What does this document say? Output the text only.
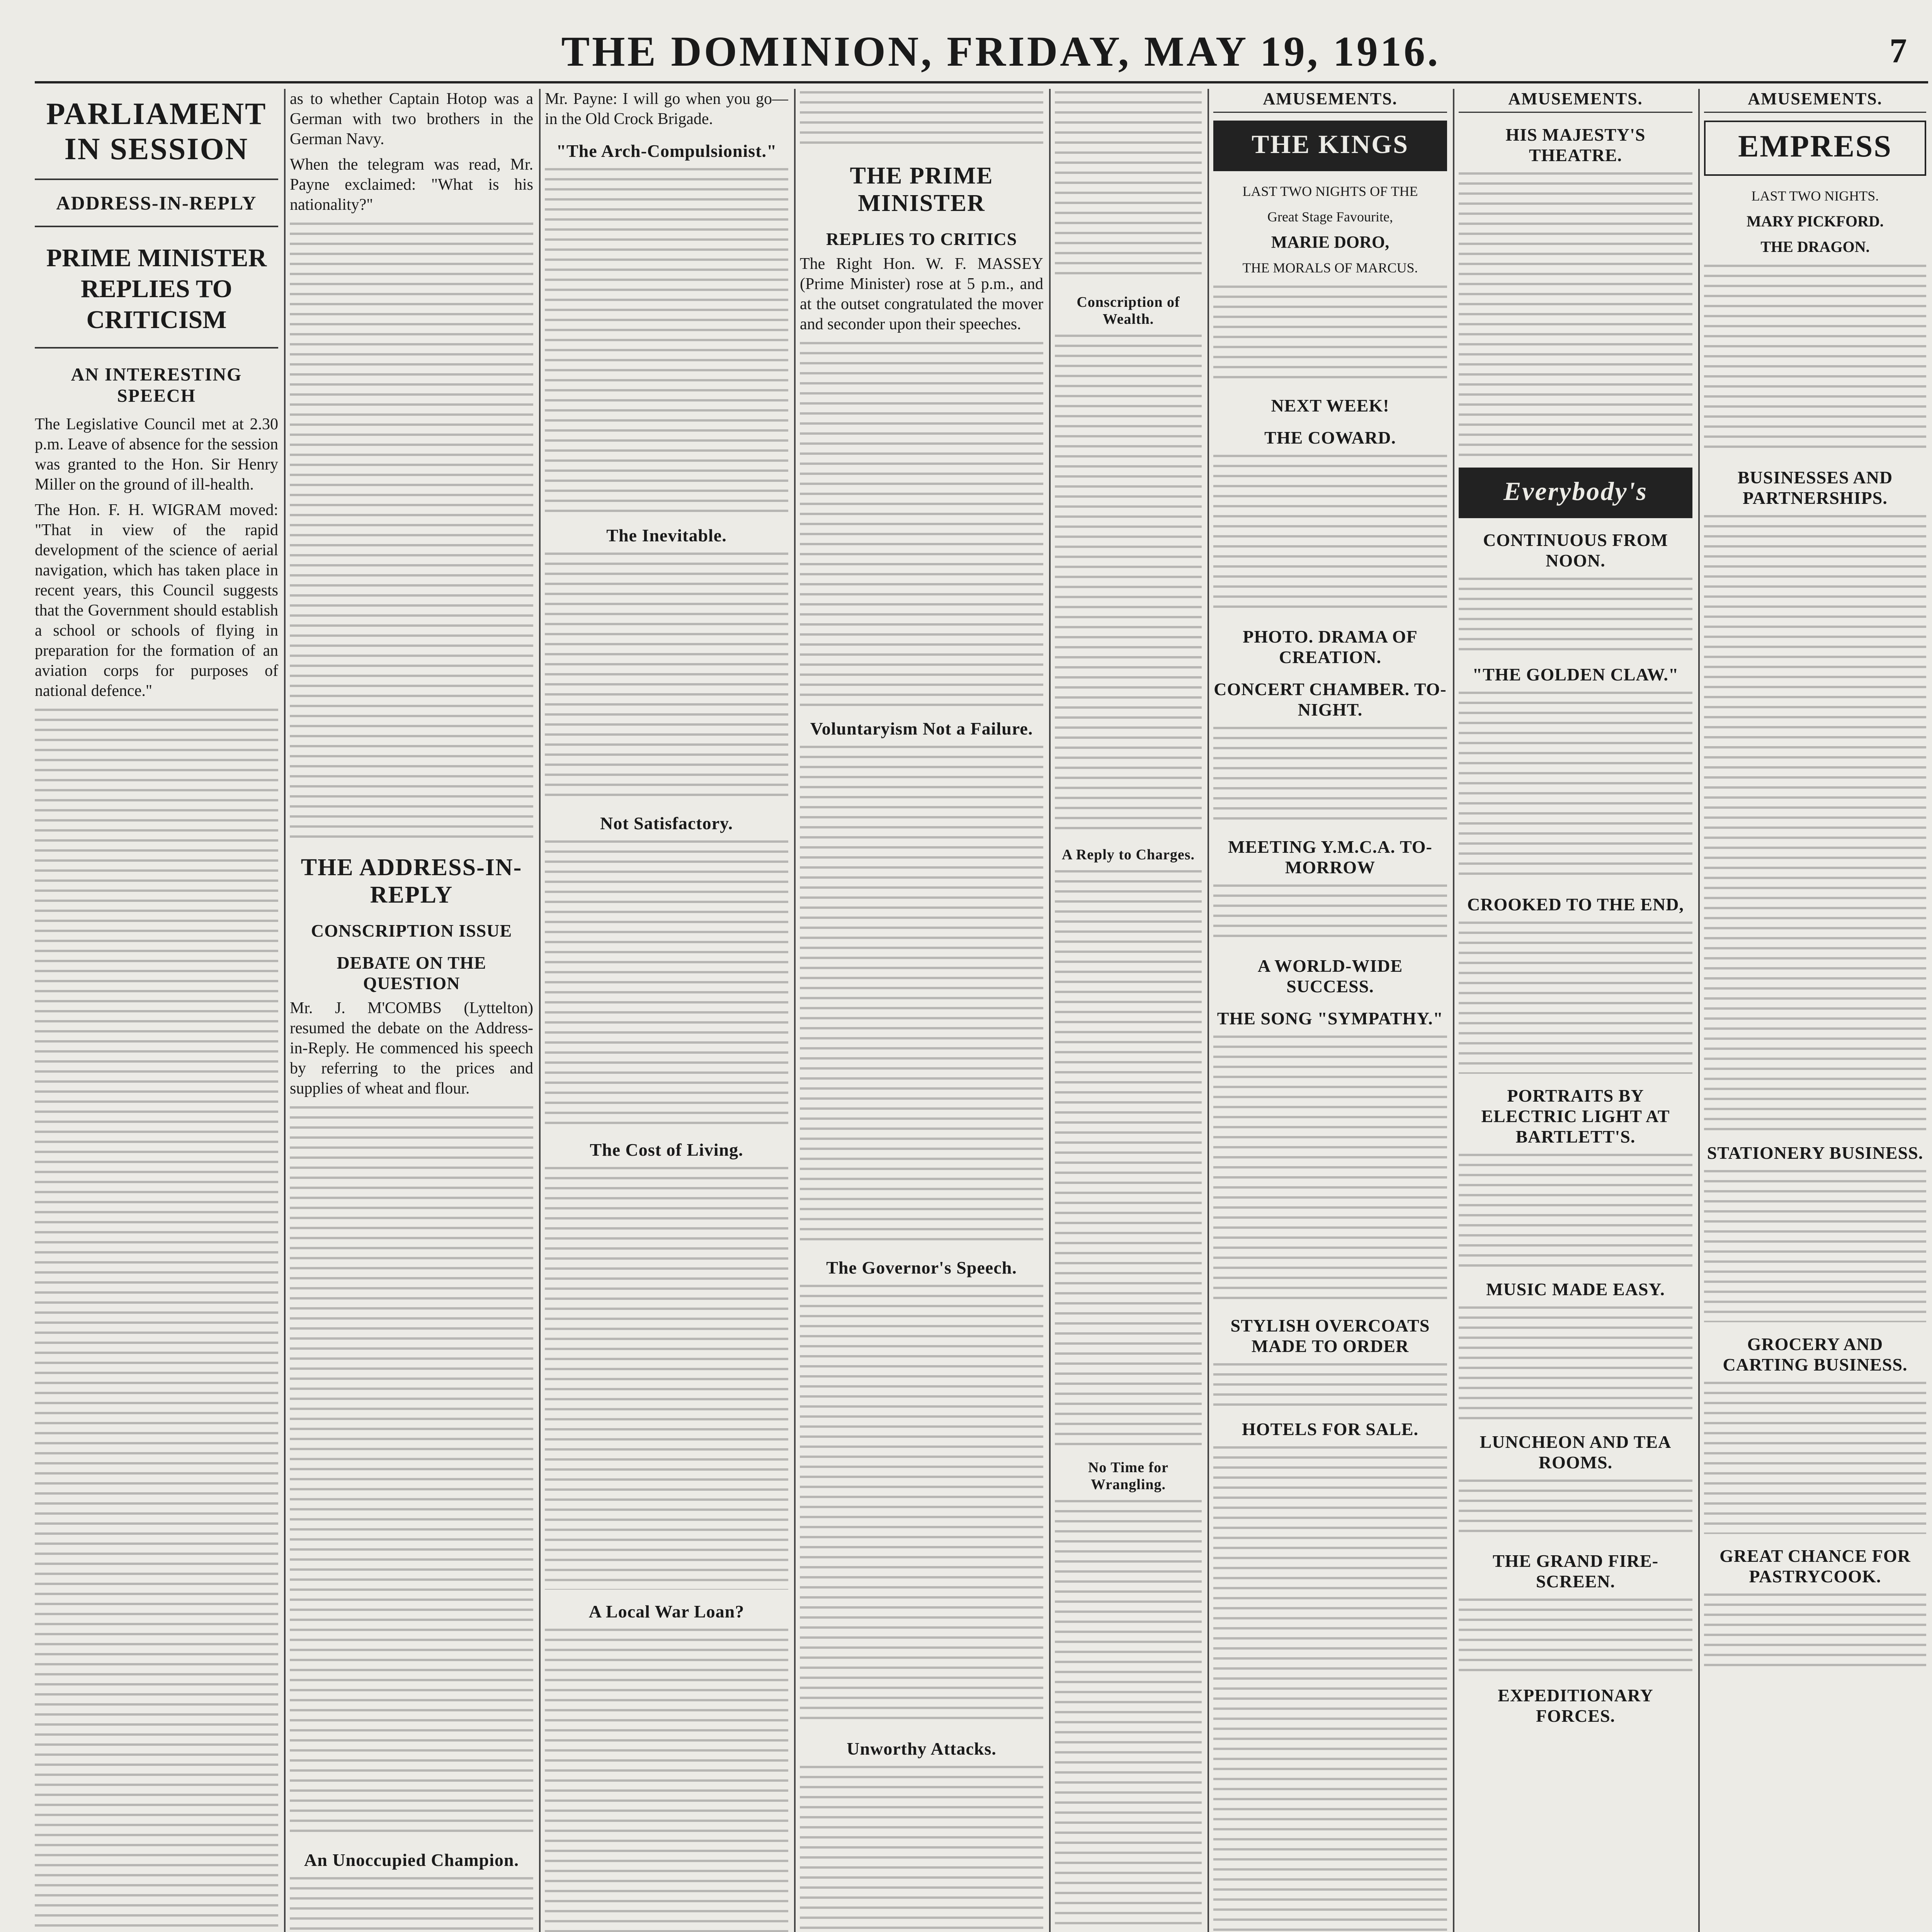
THE DOMINION, FRIDAY, MAY 19, 1916.	7
PARLIAMENT IN SESSION
ADDRESS-IN-REPLY
PRIME MINISTER REPLIES TO CRITICISM
AN INTERESTING SPEECH

The Legislative Council met at 2.30 p.m. Leave of absence for the session was granted to the Hon. Sir Henry Miller on the ground of ill-health.

The Hon. F. H. WIGRAM moved: "That in view of the rapid development of the science of aerial navigation, which has taken place in recent years, this Council suggests that the Government should establish a school or schools of flying in preparation for the formation of an aviation corps for purposes of national defence."

as to whether Captain Hotop was a German with two brothers in the German Navy.

When the telegram was read, Mr. Payne exclaimed: "What is his nationality?"

THE ADDRESS-IN-REPLY
CONSCRIPTION ISSUE
DEBATE ON THE QUESTION

Mr. J. M'COMBS (Lyttelton) resumed the debate on the Address-in-Reply. He commenced his speech by referring to the prices and supplies of wheat and flour.

An Unoccupied Champion.

Mr. Payne: I will go when you go—in the Old Crock Brigade.

"The Arch-Compulsionist."
The Inevitable.
Not Satisfactory.
The Cost of Living.
A Local War Loan?
THE PRIME MINISTER
REPLIES TO CRITICS

The Right Hon. W. F. MASSEY (Prime Minister) rose at 5 p.m., and at the outset congratulated the mover and seconder upon their speeches.

Voluntaryism Not a Failure.
The Governor's Speech.
Unworthy Attacks.
Conscription of Wealth.
A Reply to Charges.
No Time for Wrangling.
AMUSEMENTS.
THE KINGS

LAST TWO NIGHTS OF THE

Great Stage Favourite,

MARIE DORO,

THE MORALS OF MARCUS.

NEXT WEEK!
THE COWARD.
PHOTO. DRAMA OF CREATION.
CONCERT CHAMBER. TO-NIGHT.
MEETING Y.M.C.A. TO-MORROW
A WORLD-WIDE SUCCESS.
THE SONG "SYMPATHY."
STYLISH OVERCOATS MADE TO ORDER
HOTELS FOR SALE.
AMUSEMENTS.
HIS MAJESTY'S THEATRE.
Everybody's
CONTINUOUS FROM NOON.
"THE GOLDEN CLAW."
CROOKED TO THE END,
PORTRAITS BY ELECTRIC LIGHT AT BARTLETT'S.
MUSIC MADE EASY.
LUNCHEON AND TEA ROOMS.
THE GRAND FIRE-SCREEN.
EXPEDITIONARY FORCES.
AMUSEMENTS.
EMPRESS

LAST TWO NIGHTS.

MARY PICKFORD.

THE DRAGON.

BUSINESSES AND PARTNERSHIPS.
STATIONERY BUSINESS.
GROCERY AND CARTING BUSINESS.
GREAT CHANCE FOR PASTRYCOOK.
